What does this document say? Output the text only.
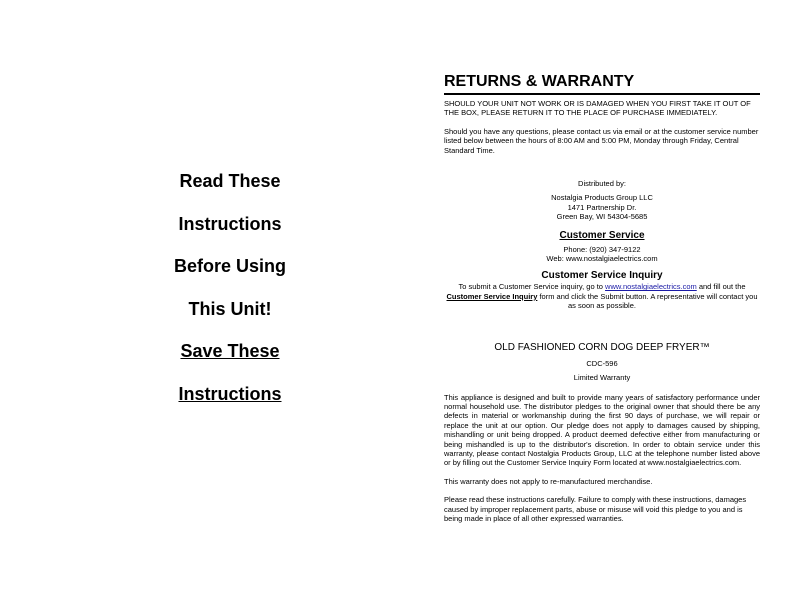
Read These

Instructions

Before Using

This Unit!

Save These

Instructions

RETURNS & WARRANTY

SHOULD YOUR UNIT NOT WORK OR IS DAMAGED WHEN YOU FIRST TAKE IT OUT OF THE BOX, PLEASE RETURN IT TO THE PLACE OF PURCHASE IMMEDIATELY.

Should you have any questions, please contact us via email or at the customer service number listed below between the hours of 8:00 AM and 5:00 PM, Monday through Friday, Central Standard Time.

Distributed by:

Nostalgia Products Group LLC

1471 Partnership Dr.

Green Bay, WI 54304-5685

Customer Service

Phone: (920) 347-9122

Web: www.nostalgiaelectrics.com

Customer Service Inquiry

To submit a Customer Service inquiry, go to www.nostalgiaelectrics.com and fill out the Customer Service Inquiry form and click the Submit button. A representative will contact you as soon as possible.

OLD FASHIONED CORN DOG DEEP FRYER™

CDC-596

Limited Warranty

This appliance is designed and built to provide many years of satisfactory performance under normal household use. The distributor pledges to the original owner that should there be any defects in material or workmanship during the first 90 days of purchase, we will repair or replace the unit at our option. Our pledge does not apply to damages caused by shipping, mishandling or unit being dropped. A product deemed defective either from manufacturing or being mishandled is up to the distributor's discretion. In order to obtain service under this warranty, please contact Nostalgia Products Group, LLC at the telephone number listed above or by filling out the Customer Service Inquiry Form located at www.nostalgiaelectrics.com.

This warranty does not apply to re-manufactured merchandise.

Please read these instructions carefully. Failure to comply with these instructions, damages caused by improper replacement parts, abuse or misuse will void this pledge to you and is being made in place of all other expressed warranties.
